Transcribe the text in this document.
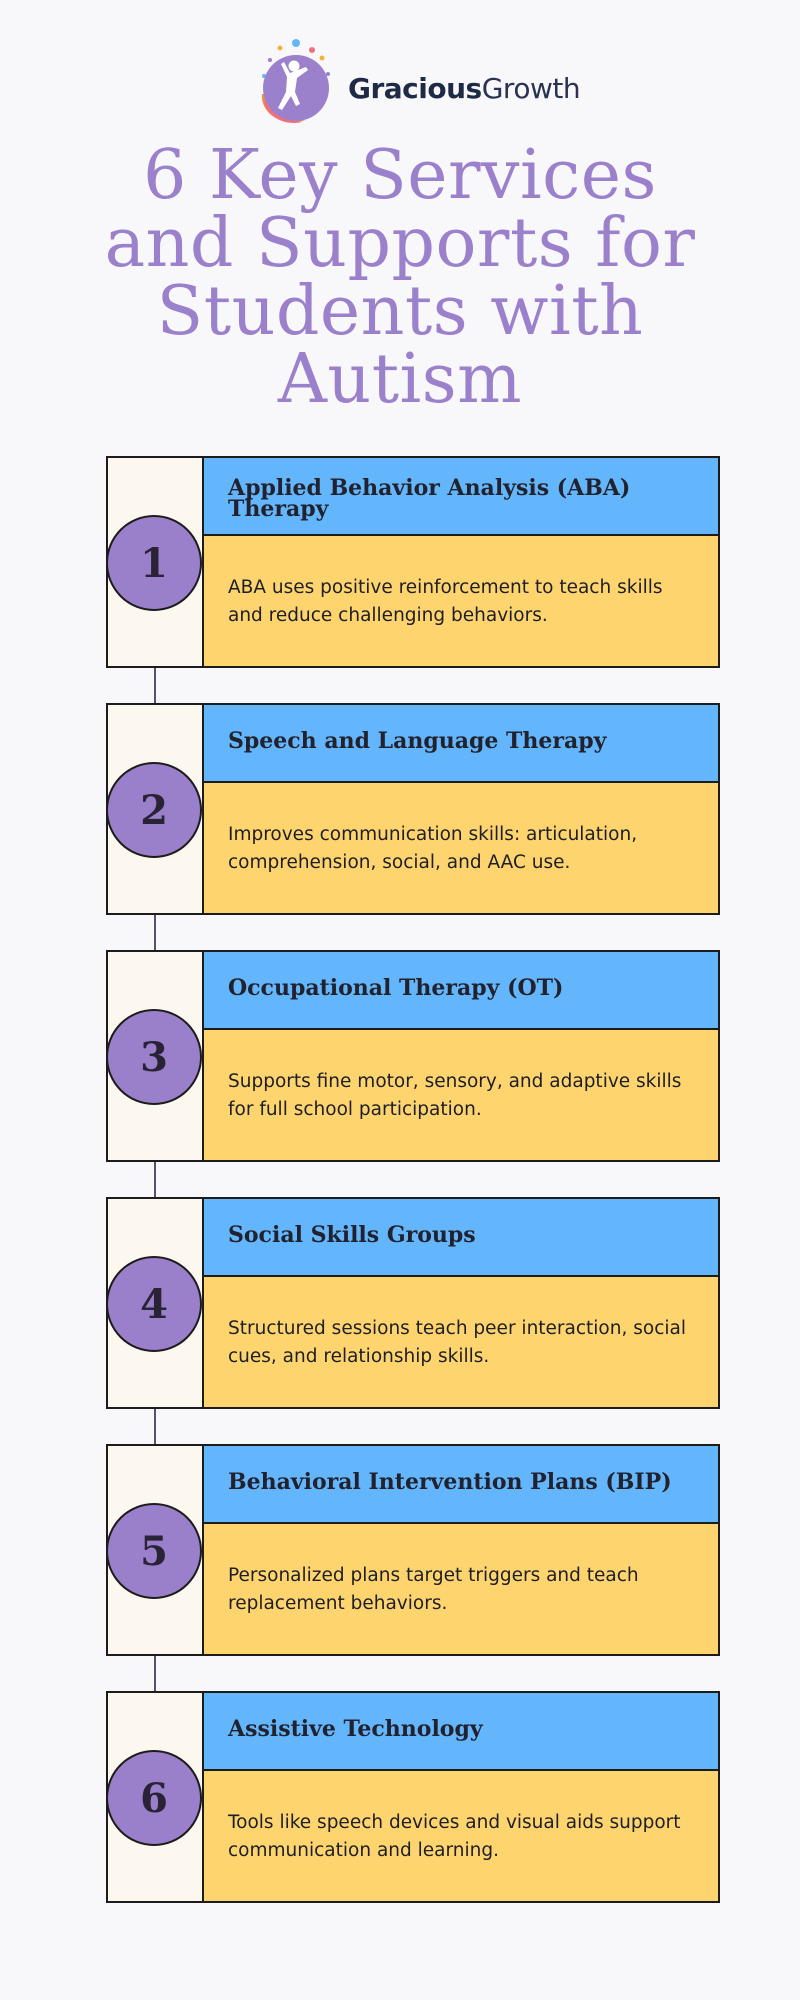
GraciousGrowth
6 Key Services
and Supports for
Students with
Autism
Applied Behavior Analysis (ABA) Therapy
ABA uses positive reinforcement to teach skills and reduce challenging behaviors.
1
Speech and Language Therapy
Improves communication skills: articulation, comprehension, social, and AAC use.
2
Occupational Therapy (OT)
Supports fine motor, sensory, and adaptive skills for full school participation.
3
Social Skills Groups
Structured sessions teach peer interaction, social cues, and relationship skills.
4
Behavioral Intervention Plans (BIP)
Personalized plans target triggers and teach replacement behaviors.
5
Assistive Technology
Tools like speech devices and visual aids support communication and learning.
6
